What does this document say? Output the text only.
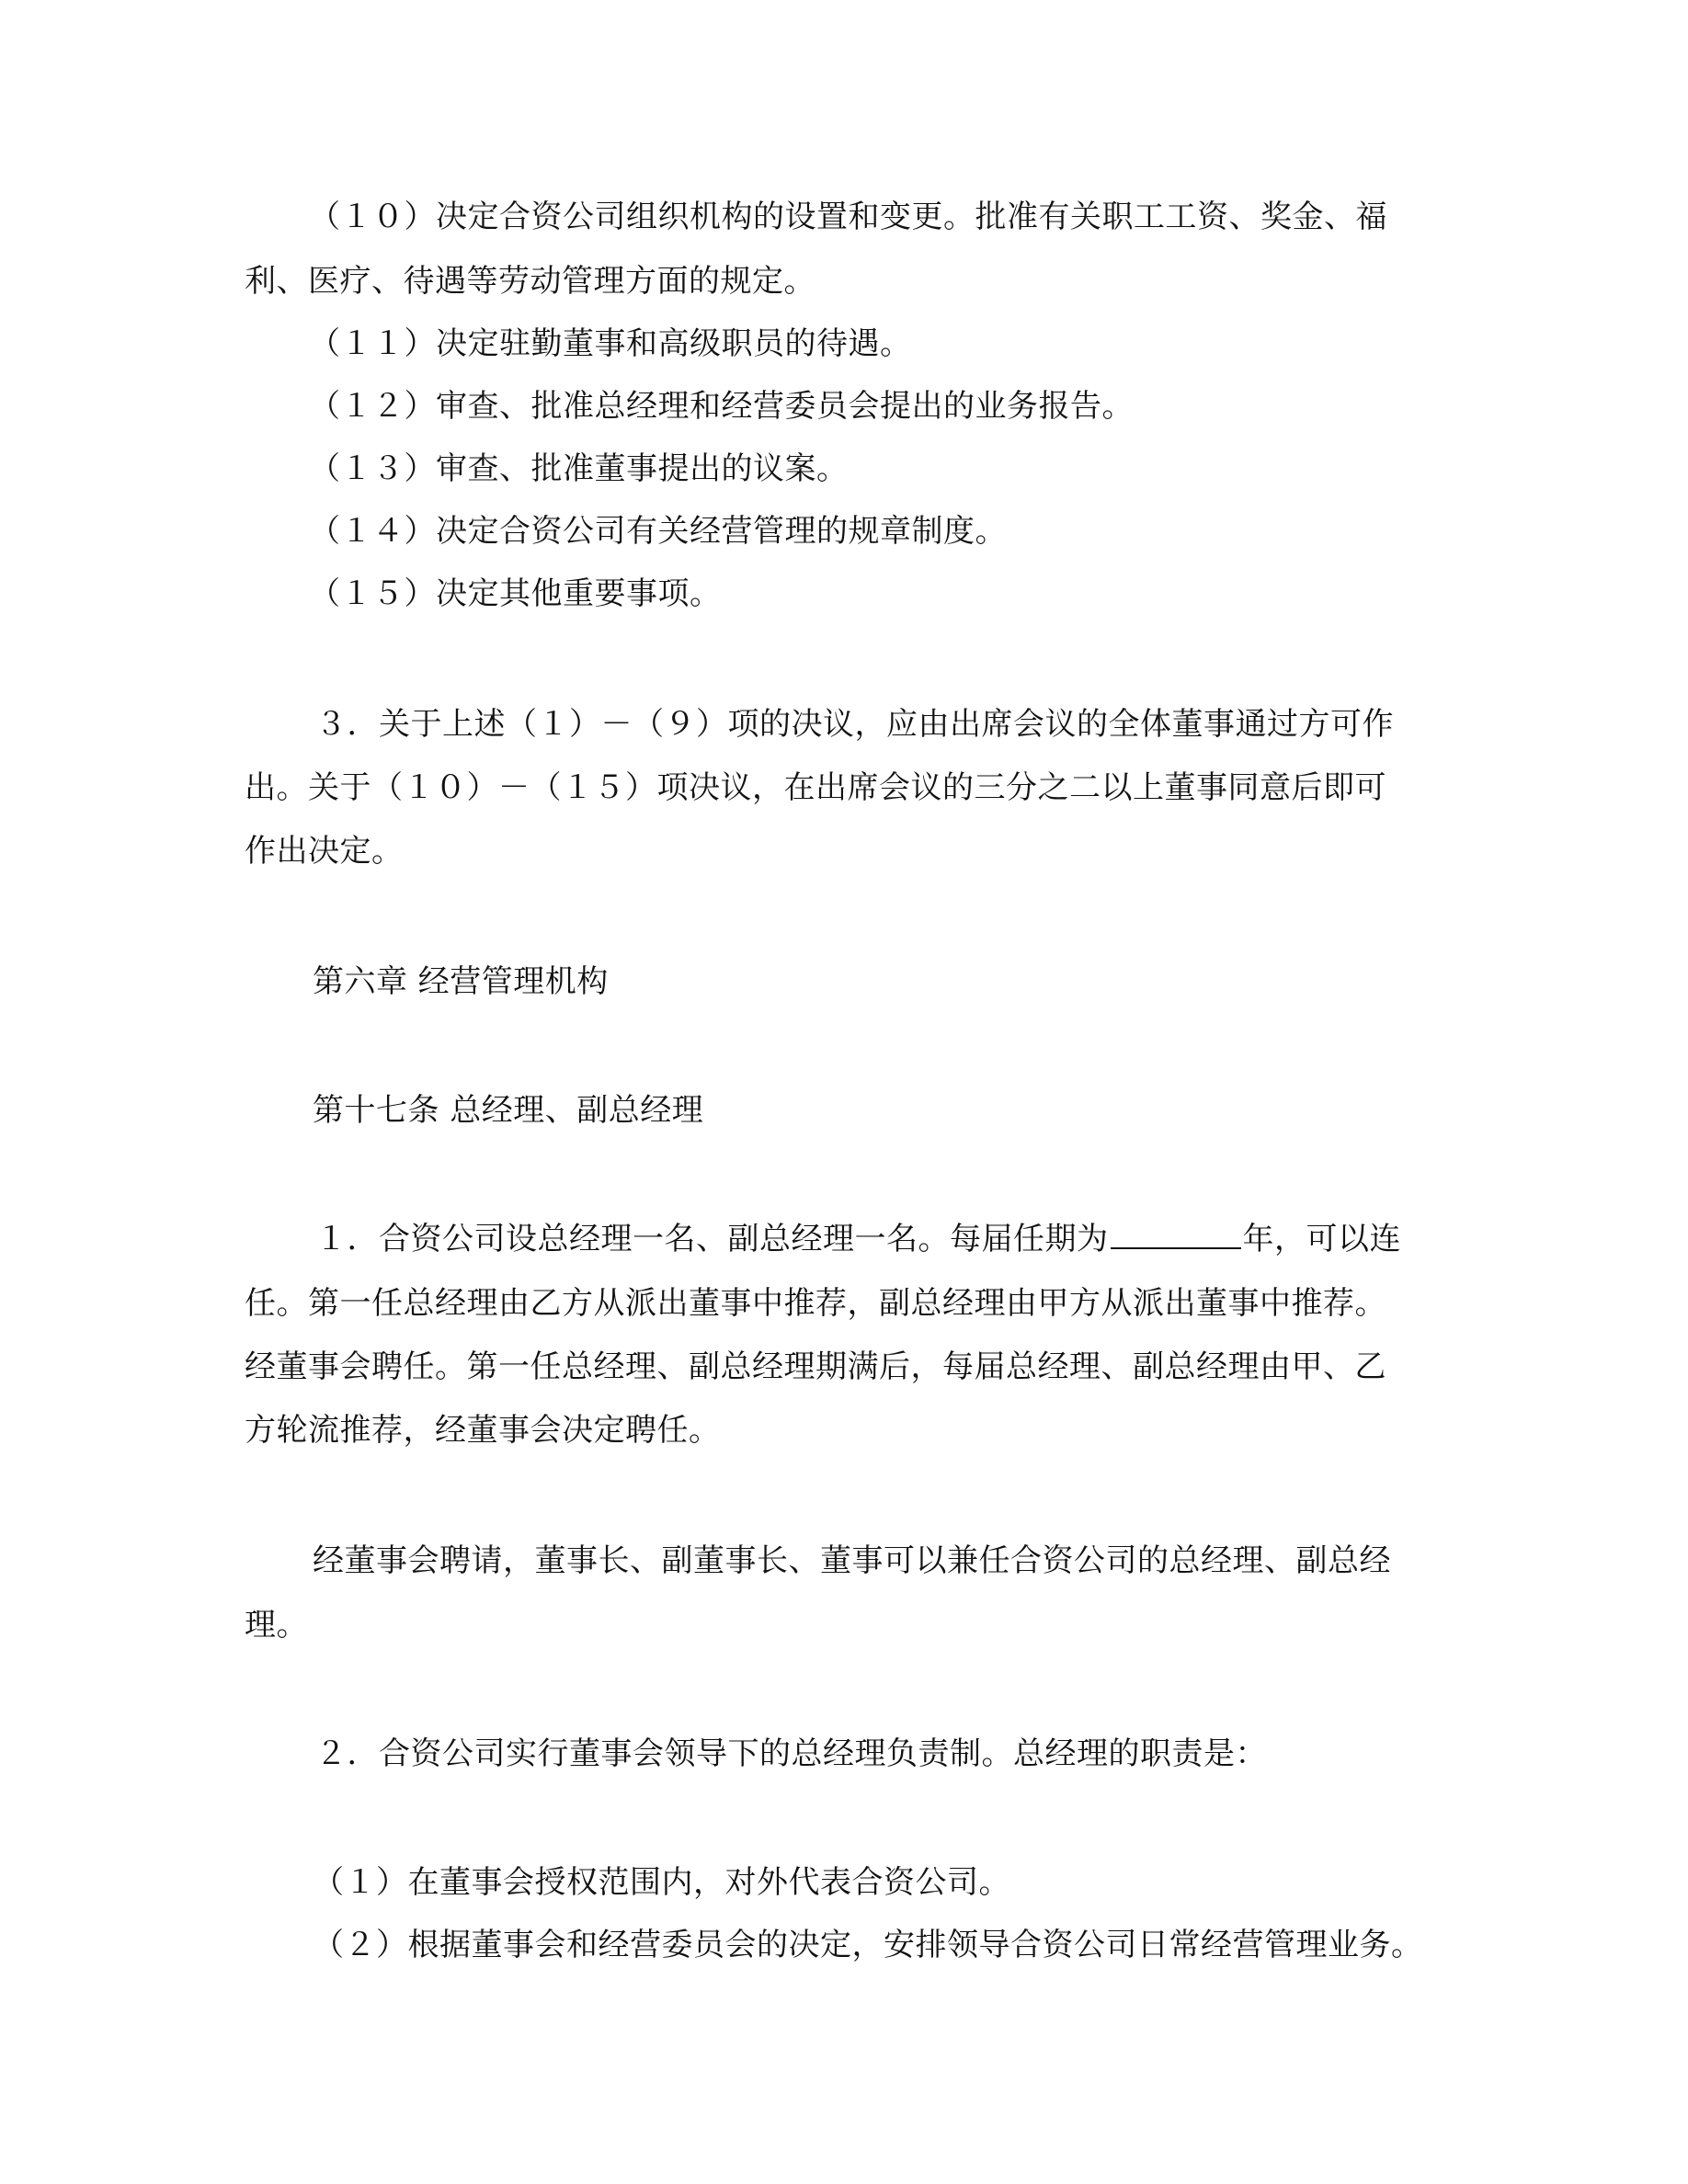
（１０）决定合资公司组织机构的设置和变更。批准有关职工工资、奖金、福
利、医疗、待遇等劳动管理方面的规定。
（１１）决定驻勤董事和高级职员的待遇。
（１２）审查、批准总经理和经营委员会提出的业务报告。
（１３）审查、批准董事提出的议案。
（１４）决定合资公司有关经营管理的规章制度。
（１５）决定其他重要事项。
３．关于上述（１）－（９）项的决议，应由出席会议的全体董事通过方可作
出。关于（１０）－（１５）项决议，在出席会议的三分之二以上董事同意后即可
作出决定。
第六章 经营管理机构
第十七条 总经理、副总经理
１．合资公司设总经理一名、副总经理一名。每届任期为	年，可以连
任。第一任总经理由乙方从派出董事中推荐，副总经理由甲方从派出董事中推荐。
经董事会聘任。第一任总经理、副总经理期满后，每届总经理、副总经理由甲、乙
方轮流推荐，经董事会决定聘任。
经董事会聘请，董事长、副董事长、董事可以兼任合资公司的总经理、副总经
理。
２．合资公司实行董事会领导下的总经理负责制。总经理的职责是：
（１）在董事会授权范围内，对外代表合资公司。
（２）根据董事会和经营委员会的决定，安排领导合资公司日常经营管理业务。
